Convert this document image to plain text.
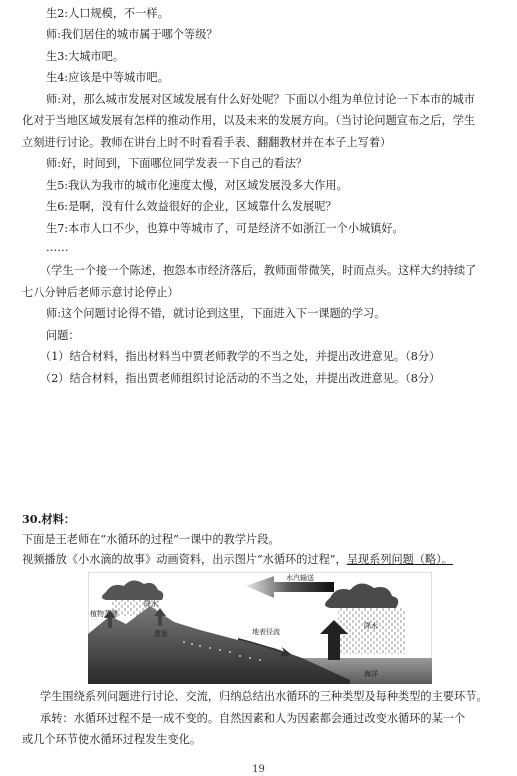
生2:人口规模，不一样。
师:我们居住的城市属于哪个等级？
生3:大城市吧。
生4:应该是中等城市吧。
师:对，那么城市发展对区域发展有什么好处呢？下面以小组为单位讨论一下本市的城市
化对于当地区域发展有怎样的推动作用，以及未来的发展方向。（当讨论问题宣布之后，学生
立刻进行讨论。教师在讲台上时不时看看手表、翻翻教材并在本子上写着）
师:好，时间到，下面哪位同学发表一下自己的看法？
生5:我认为我市的城市化速度太慢，对区域发展没多大作用。
生6:是啊，没有什么效益很好的企业，区域靠什么发展呢？
生7:本市人口不少，也算中等城市了，可是经济不如浙江一个小城镇好。
……
（学生一个接一个陈述，抱怨本市经济落后，教师面带微笑，时而点头。这样大约持续了
七八分钟后老师示意讨论停止）
师:这个问题讨论得不错，就讨论到这里，下面进入下一课题的学习。
问题：
（1）结合材料，指出材料当中贾老师教学的不当之处，并提出改进意见。（8分）
（2）结合材料，指出贾老师组织讨论活动的不当之处，并提出改进意见。（8分）
30.材料：
下面是王老师在“水循环的过程”一课中的教学片段。
视频播放《小水滴的故事》动画资料，出示图片“水循环的过程”，呈现系列问题（略）。
水汽输送
降水
植物蒸腾
蒸发	地表径流
降水
海洋
学生围绕系列问题进行讨论、交流，归纳总结出水循环的三种类型及每种类型的主要环节。
承转：水循环过程不是一成不变的。自然因素和人为因素都会通过改变水循环的某一个
或几个环节使水循环过程发生变化。
19
